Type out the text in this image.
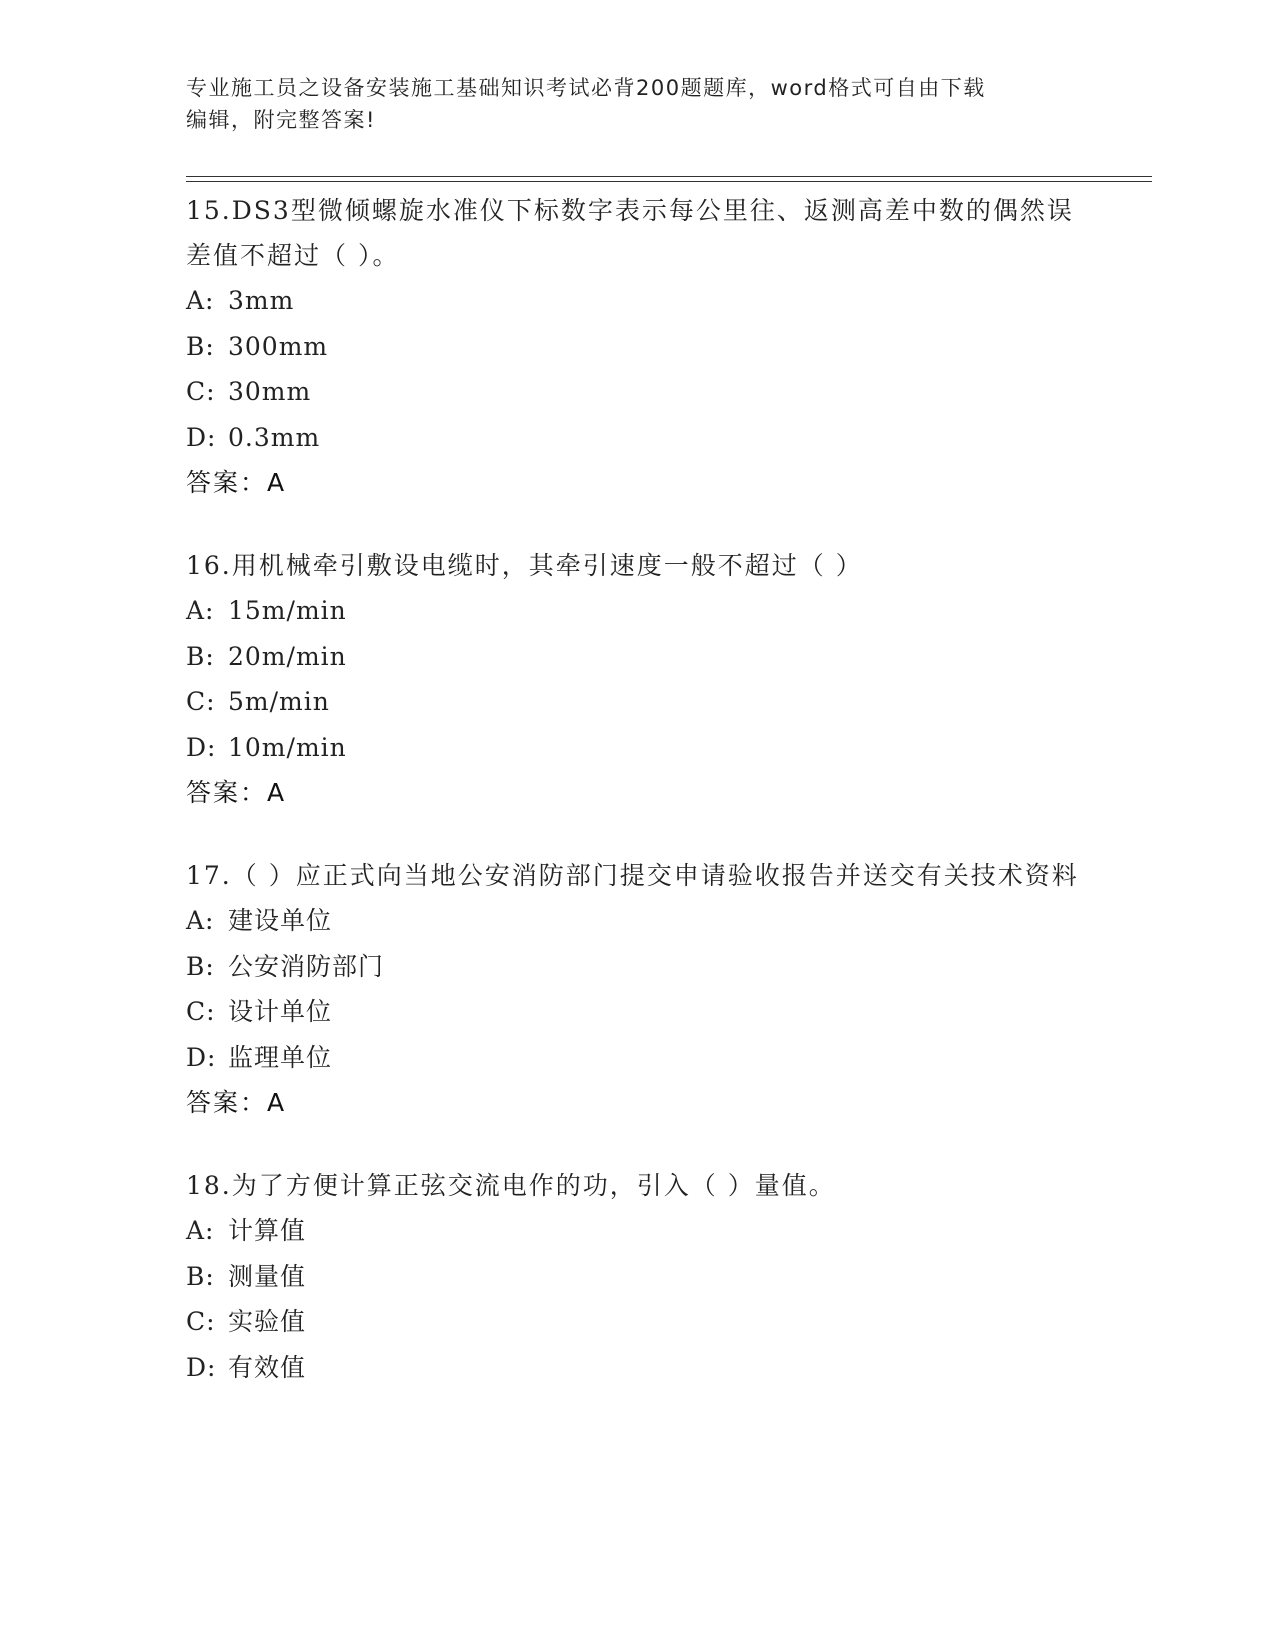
专业施工员之设备安装施工基础知识考试必背200题题库，word格式可自由下载
编辑，附完整答案!

15.DS3型微倾螺旋水准仪下标数字表示每公里往、返测高差中数的偶然误差值不超过（ ）。

A: 3mm

B: 300mm

C: 30mm

D: 0.3mm

答案：A

16.用机械牵引敷设电缆时，其牵引速度一般不超过（ ）

A: 15m/min

B: 20m/min

C: 5m/min

D: 10m/min

答案：A

17.（ ）应正式向当地公安消防部门提交申请验收报告并送交有关技术资料

A: 建设单位

B: 公安消防部门

C: 设计单位

D: 监理单位

答案：A

18.为了方便计算正弦交流电作的功，引入（ ）量值。

A: 计算值

B: 测量值

C: 实验值

D: 有效值
